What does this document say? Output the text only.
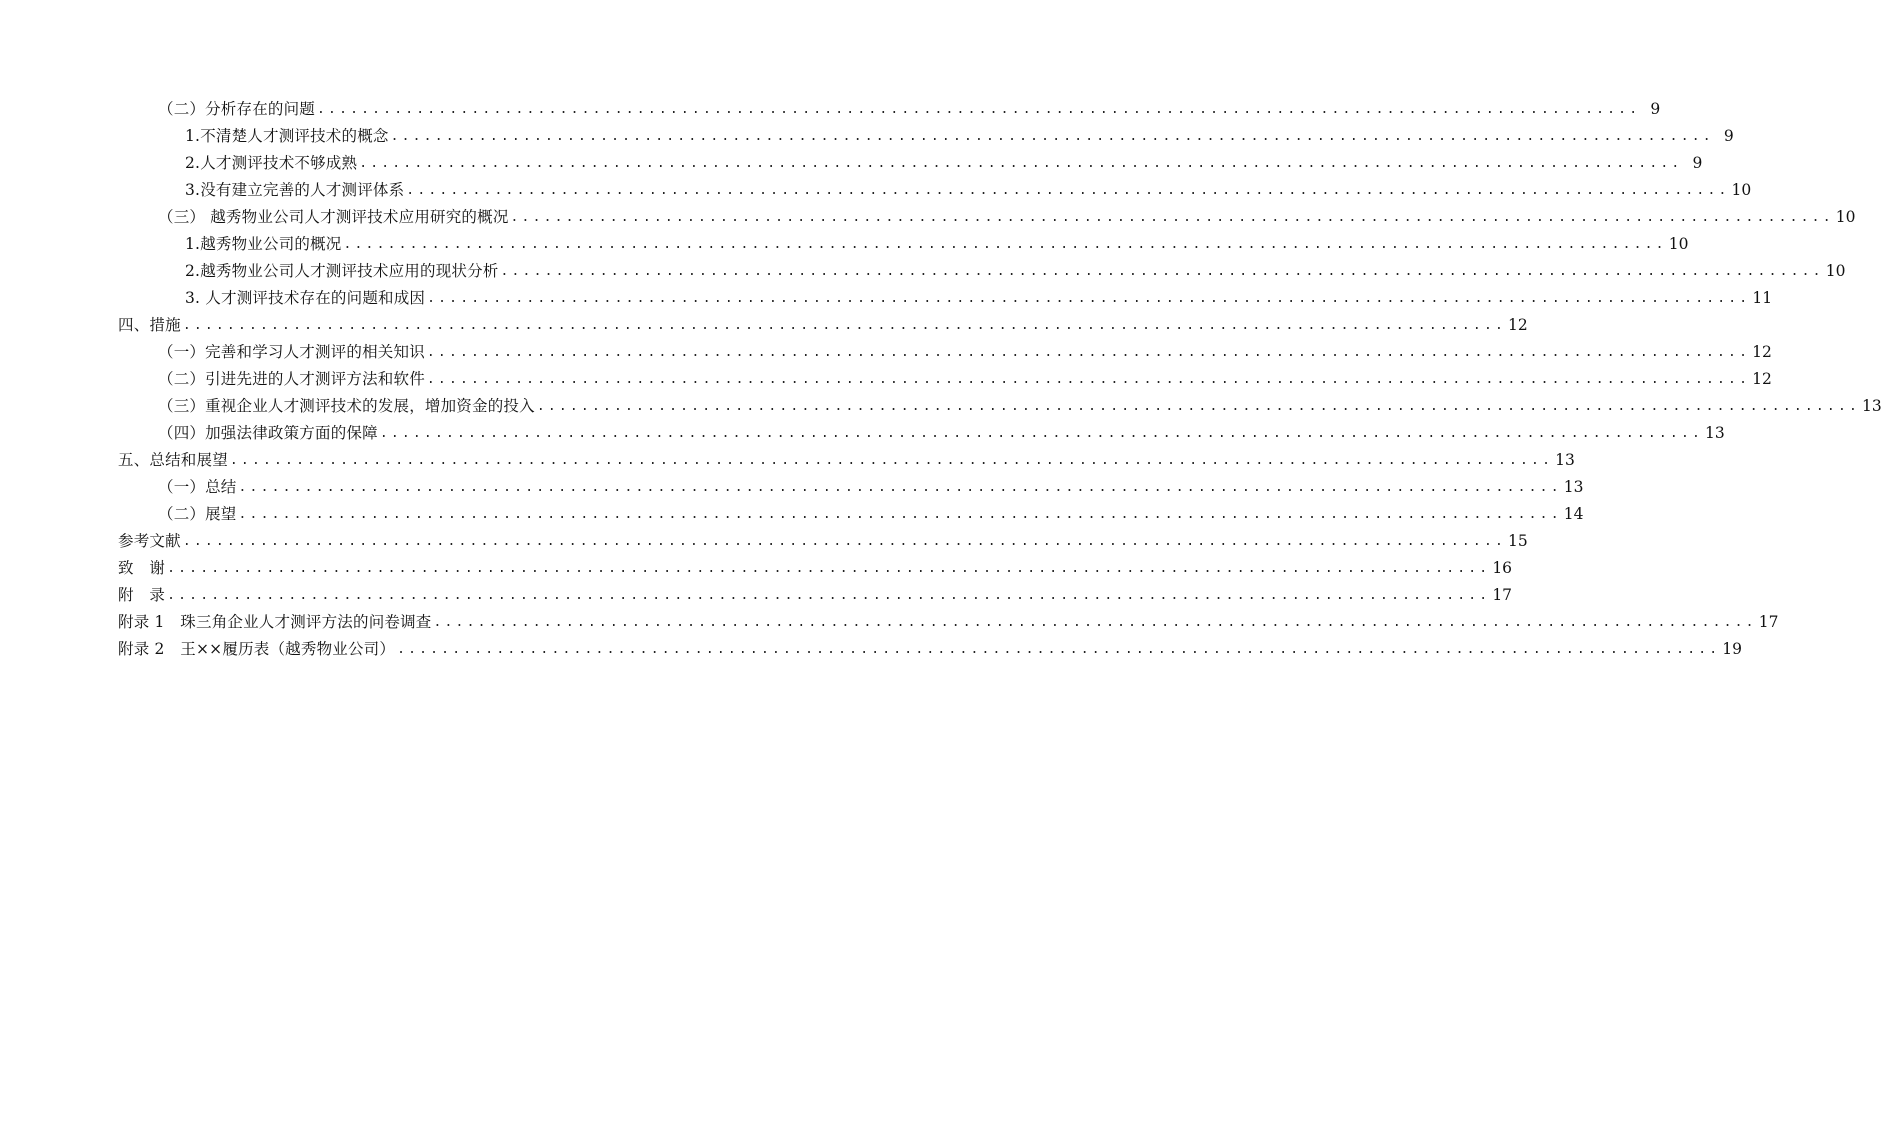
（二）分析存在的问题 ........................................................................................................................ 9
1.不清楚人才测评技术的概念 ........................................................................................................................ 9
2.人才测评技术不够成熟 ........................................................................................................................ 9
3.没有建立完善的人才测评体系 ........................................................................................................................ 10
（三） 越秀物业公司人才测评技术应用研究的概况 ........................................................................................................................ 10
1.越秀物业公司的概况 ........................................................................................................................ 10
2.越秀物业公司人才测评技术应用的现状分析 ........................................................................................................................ 10
3. 人才测评技术存在的问题和成因 ........................................................................................................................ 11
四、措施 ........................................................................................................................ 12
（一）完善和学习人才测评的相关知识 ........................................................................................................................ 12
（二）引进先进的人才测评方法和软件 ........................................................................................................................ 12
（三）重视企业人才测评技术的发展，增加资金的投入 ........................................................................................................................ 13
（四）加强法律政策方面的保障 ........................................................................................................................ 13
五、总结和展望 ........................................................................................................................ 13
（一）总结 ........................................................................................................................ 13
（二）展望 ........................................................................................................................ 14
参考文献 ........................................................................................................................ 15
致　谢 ........................................................................................................................ 16
附　录 ........................................................................................................................ 17
附录 1　珠三角企业人才测评方法的问卷调查 ........................................................................................................................ 17
附录 2　王××履历表（越秀物业公司） ........................................................................................................................ 19
